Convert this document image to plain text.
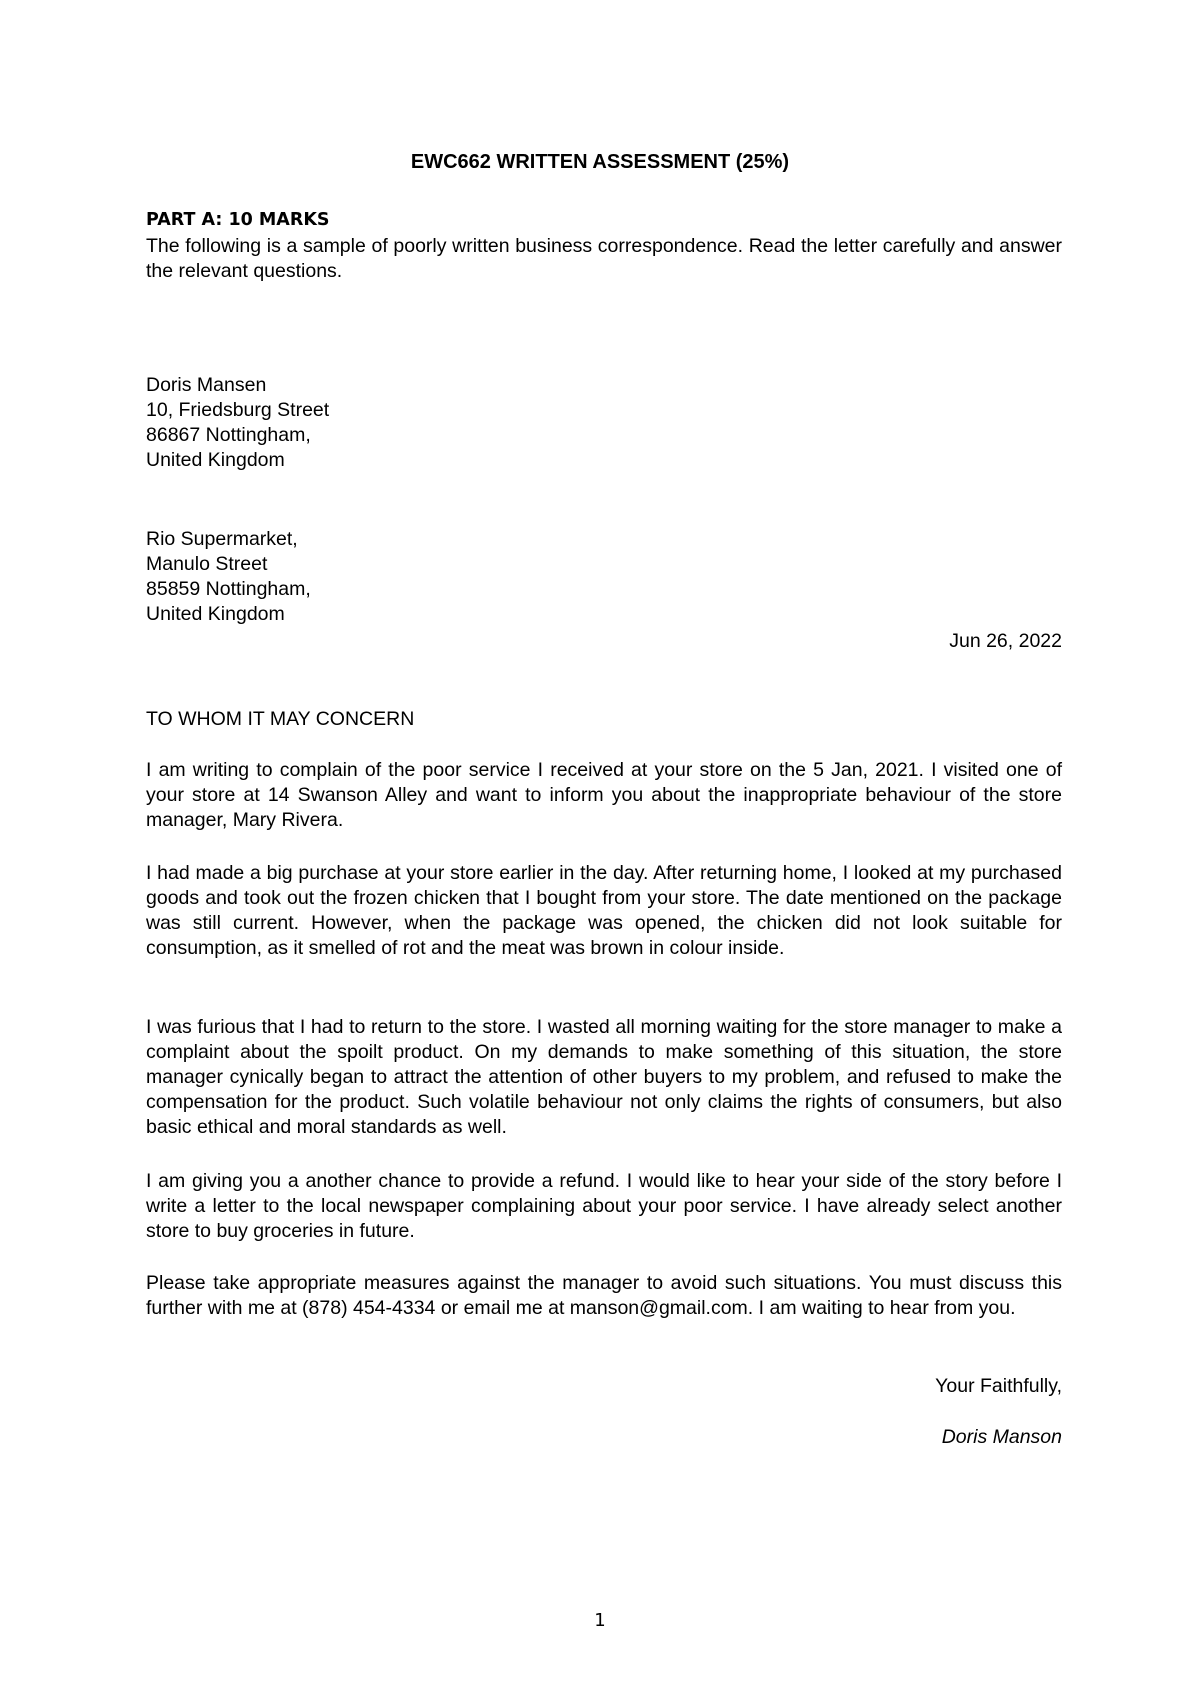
EWC662 WRITTEN ASSESSMENT (25%)
PART A: 10 MARKS
The following is a sample of poorly written business correspondence. Read the letter carefully and answer the relevant questions.
Doris Mansen
10, Friedsburg Street
86867 Nottingham,
United Kingdom
Rio Supermarket,
Manulo Street
85859 Nottingham,
United Kingdom
Jun 26, 2022
TO WHOM IT MAY CONCERN
I am writing to complain of the poor service I received at your store on the 5 Jan, 2021. I visited one of your store at 14 Swanson Alley and want to inform you about the inappropriate behaviour of the store manager, Mary Rivera.
I had made a big purchase at your store earlier in the day. After returning home, I looked at my purchased goods and took out the frozen chicken that I bought from your store. The date mentioned on the package was still current. However, when the package was opened, the chicken did not look suitable for consumption, as it smelled of rot and the meat was brown in colour inside.
I was furious that I had to return to the store. I wasted all morning waiting for the store manager to make a complaint about the spoilt product. On my demands to make something of this situation, the store manager cynically began to attract the attention of other buyers to my problem, and refused to make the compensation for the product. Such volatile behaviour not only claims the rights of consumers, but also basic ethical and moral standards as well.
I am giving you a another chance to provide a refund. I would like to hear your side of the story before I write a letter to the local newspaper complaining about your poor service. I have already select another store to buy groceries in future.
Please take appropriate measures against the manager to avoid such situations. You must discuss this further with me at (878) 454-4334 or email me at manson@gmail.com. I am waiting to hear from you.
Your Faithfully,
Doris Manson
1
